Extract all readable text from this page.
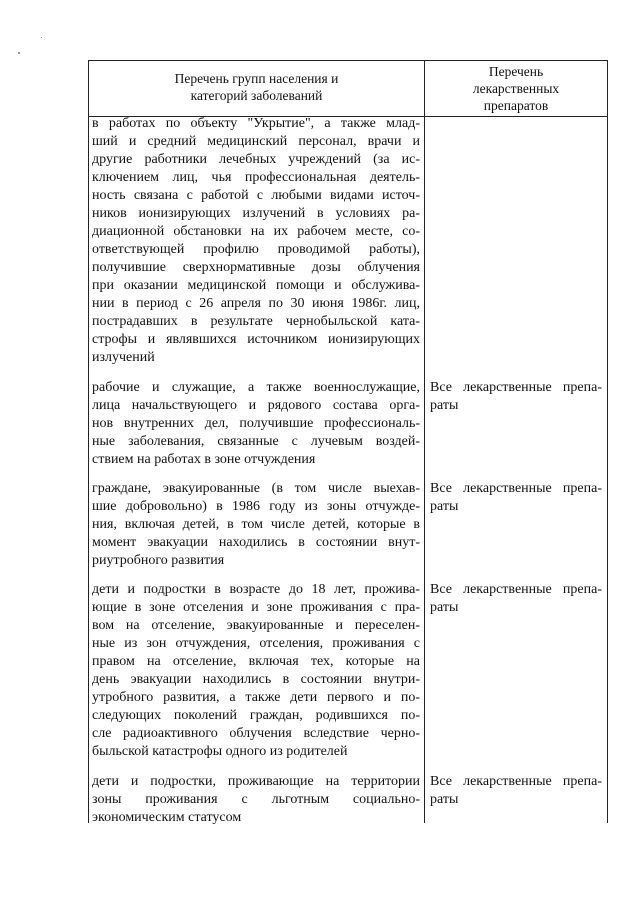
Перечень групп населения и
категорий заболеваний
Перечень
лекарственных
препаратов
в работах по объекту "Укрытие", а также млад-
ший и средний медицинский персонал, врачи и
другие работники лечебных учреждений (за ис-
ключением лиц, чья профессиональная деятель-
ность связана с работой с любыми видами источ-
ников ионизирующих излучений в условиях ра-
диационной обстановки на их рабочем месте, со-
ответствующей профилю проводимой работы),
получившие сверхнормативные дозы облучения
при оказании медицинской помощи и обслужива-
нии в период с 26 апреля по 30 июня 1986г. лиц,
пострадавших в результате чернобыльской ката-
строфы и являвшихся источником ионизирующих
излучений
рабочие и служащие, а также военнослужащие,
лица начальствующего и рядового состава орга-
нов внутренних дел, получившие профессиональ-
ные заболевания, связанные с лучевым воздей-
ствием на работах в зоне отчуждения
Все лекарственные препа-
раты
граждане, эвакуированные (в том числе выехав-
шие добровольно) в 1986 году из зоны отчужде-
ния, включая детей, в том числе детей, которые в
момент эвакуации находились в состоянии внут-
риутробного развития
Все лекарственные препа-
раты
дети и подростки в возрасте до 18 лет, прожива-
ющие в зоне отселения и зоне проживания с пра-
вом на отселение, эвакуированные и переселен-
ные из зон отчуждения, отселения, проживания с
правом на отселение, включая тех, которые на
день эвакуации находились в состоянии внутри-
утробного развития, а также дети первого и по-
следующих поколений граждан, родившихся по-
сле радиоактивного облучения вследствие черно-
быльской катастрофы одного из родителей
Все лекарственные препа-
раты
дети и подростки, проживающие на территории
зоны проживания с льготным социально-
экономическим статусом
Все лекарственные препа-
раты
